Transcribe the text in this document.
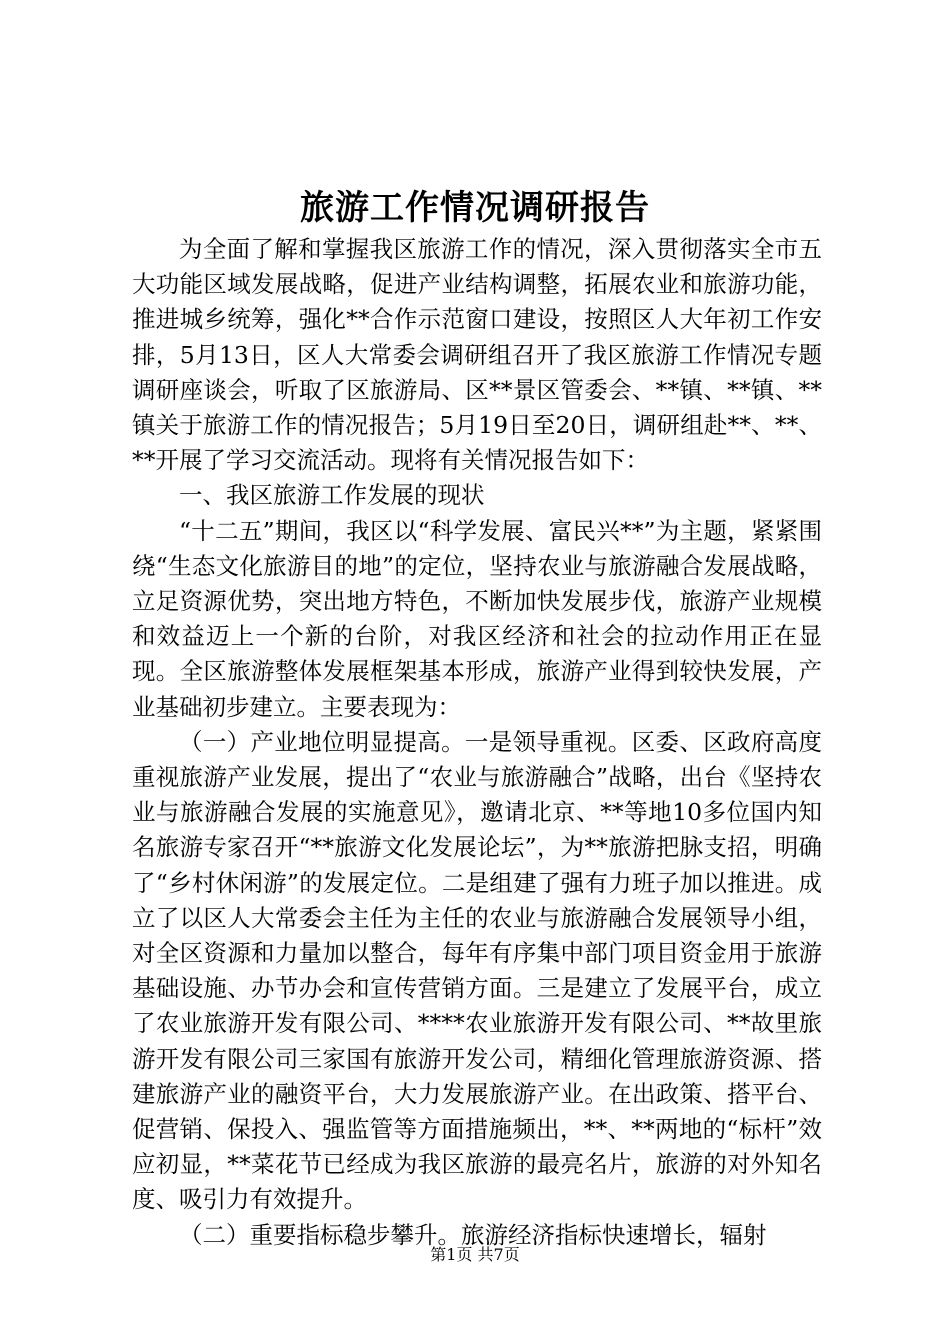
旅游工作情况调研报告

为全面了解和掌握我区旅游工作的情况，深入贯彻落实全市五大功能区域发展战略，促进产业结构调整，拓展农业和旅游功能，推进城乡统筹，强化**合作示范窗口建设，按照区人大年初工作安排，5月13日，区人大常委会调研组召开了我区旅游工作情况专题调研座谈会，听取了区旅游局、区**景区管委会、**镇、**镇、**镇关于旅游工作的情况报告；5月19日至20日，调研组赴**、**、**开展了学习交流活动。现将有关情况报告如下：

一、我区旅游工作发展的现状

“十二五”期间，我区以“科学发展、富民兴**”为主题，紧紧围绕“生态文化旅游目的地”的定位，坚持农业与旅游融合发展战略，立足资源优势，突出地方特色，不断加快发展步伐，旅游产业规模和效益迈上一个新的台阶，对我区经济和社会的拉动作用正在显现。全区旅游整体发展框架基本形成，旅游产业得到较快发展，产业基础初步建立。主要表现为：

（一）产业地位明显提高。一是领导重视。区委、区政府高度重视旅游产业发展，提出了“农业与旅游融合”战略，出台《坚持农业与旅游融合发展的实施意见》，邀请北京、**等地10多位国内知名旅游专家召开“**旅游文化发展论坛”，为**旅游把脉支招，明确了“乡村休闲游”的发展定位。二是组建了强有力班子加以推进。成立了以区人大常委会主任为主任的农业与旅游融合发展领导小组，对全区资源和力量加以整合，每年有序集中部门项目资金用于旅游基础设施、办节办会和宣传营销方面。三是建立了发展平台，成立了农业旅游开发有限公司、****农业旅游开发有限公司、**故里旅游开发有限公司三家国有旅游开发公司，精细化管理旅游资源、搭建旅游产业的融资平台，大力发展旅游产业。在出政策、搭平台、促营销、保投入、强监管等方面措施频出，**、**两地的“标杆”效应初显，**菜花节已经成为我区旅游的最亮名片，旅游的对外知名度、吸引力有效提升。

（二）重要指标稳步攀升。旅游经济指标快速增长，辐射

第1页 共7页
